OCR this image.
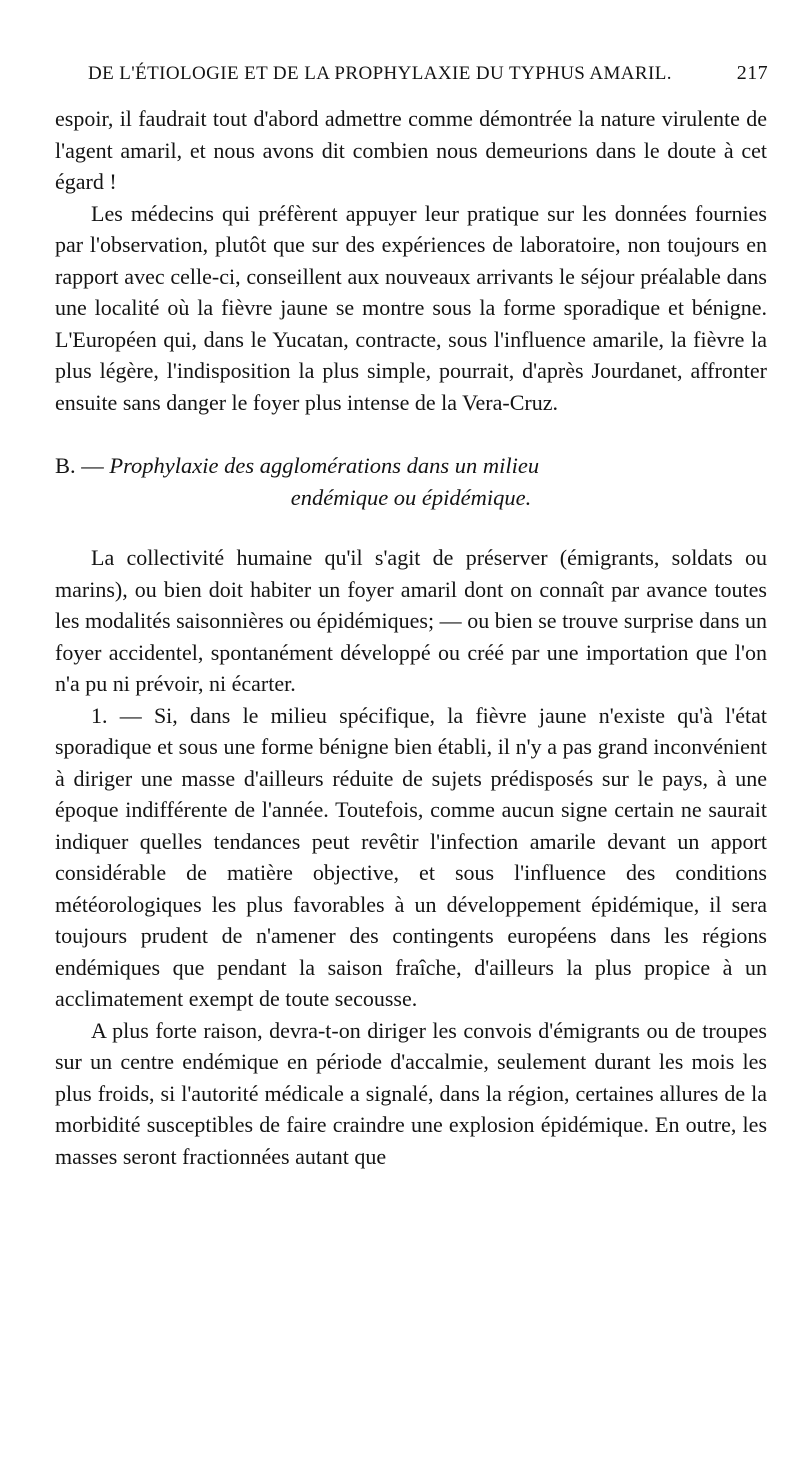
DE L'ÉTIOLOGIE ET DE LA PROPHYLAXIE DU TYPHUS AMARIL.	217

espoir, il faudrait tout d'abord admettre comme démontrée la nature virulente de l'agent amaril, et nous avons dit combien nous demeurions dans le doute à cet égard !

Les médecins qui préfèrent appuyer leur pratique sur les données fournies par l'observation, plutôt que sur des expériences de laboratoire, non toujours en rapport avec celle-ci, conseillent aux nouveaux arrivants le séjour préalable dans une localité où la fièvre jaune se montre sous la forme sporadique et bénigne. L'Européen qui, dans le Yucatan, contracte, sous l'influence amarile, la fièvre la plus légère, l'indisposition la plus simple, pourrait, d'après Jourdanet, affronter ensuite sans danger le foyer plus intense de la Vera-Cruz.

B. — Prophylaxie des agglomérations dans un milieu
endémique ou épidémique.

La collectivité humaine qu'il s'agit de préserver (émigrants, soldats ou marins), ou bien doit habiter un foyer amaril dont on connaît par avance toutes les modalités saisonnières ou épidémiques; — ou bien se trouve surprise dans un foyer accidentel, spontanément développé ou créé par une importation que l'on n'a pu ni prévoir, ni écarter.

1. — Si, dans le milieu spécifique, la fièvre jaune n'existe qu'à l'état sporadique et sous une forme bénigne bien établi, il n'y a pas grand inconvénient à diriger une masse d'ailleurs réduite de sujets prédisposés sur le pays, à une époque indifférente de l'année. Toutefois, comme aucun signe certain ne saurait indiquer quelles tendances peut revêtir l'infection amarile devant un apport considérable de matière objective, et sous l'influence des conditions météorologiques les plus favorables à un développement épidémique, il sera toujours prudent de n'amener des contingents européens dans les régions endémiques que pendant la saison fraîche, d'ailleurs la plus propice à un acclimatement exempt de toute secousse.

A plus forte raison, devra-t-on diriger les convois d'émigrants ou de troupes sur un centre endémique en période d'accalmie, seulement durant les mois les plus froids, si l'autorité médicale a signalé, dans la région, certaines allures de la morbidité susceptibles de faire craindre une explosion épidémique. En outre, les masses seront fractionnées autant que
